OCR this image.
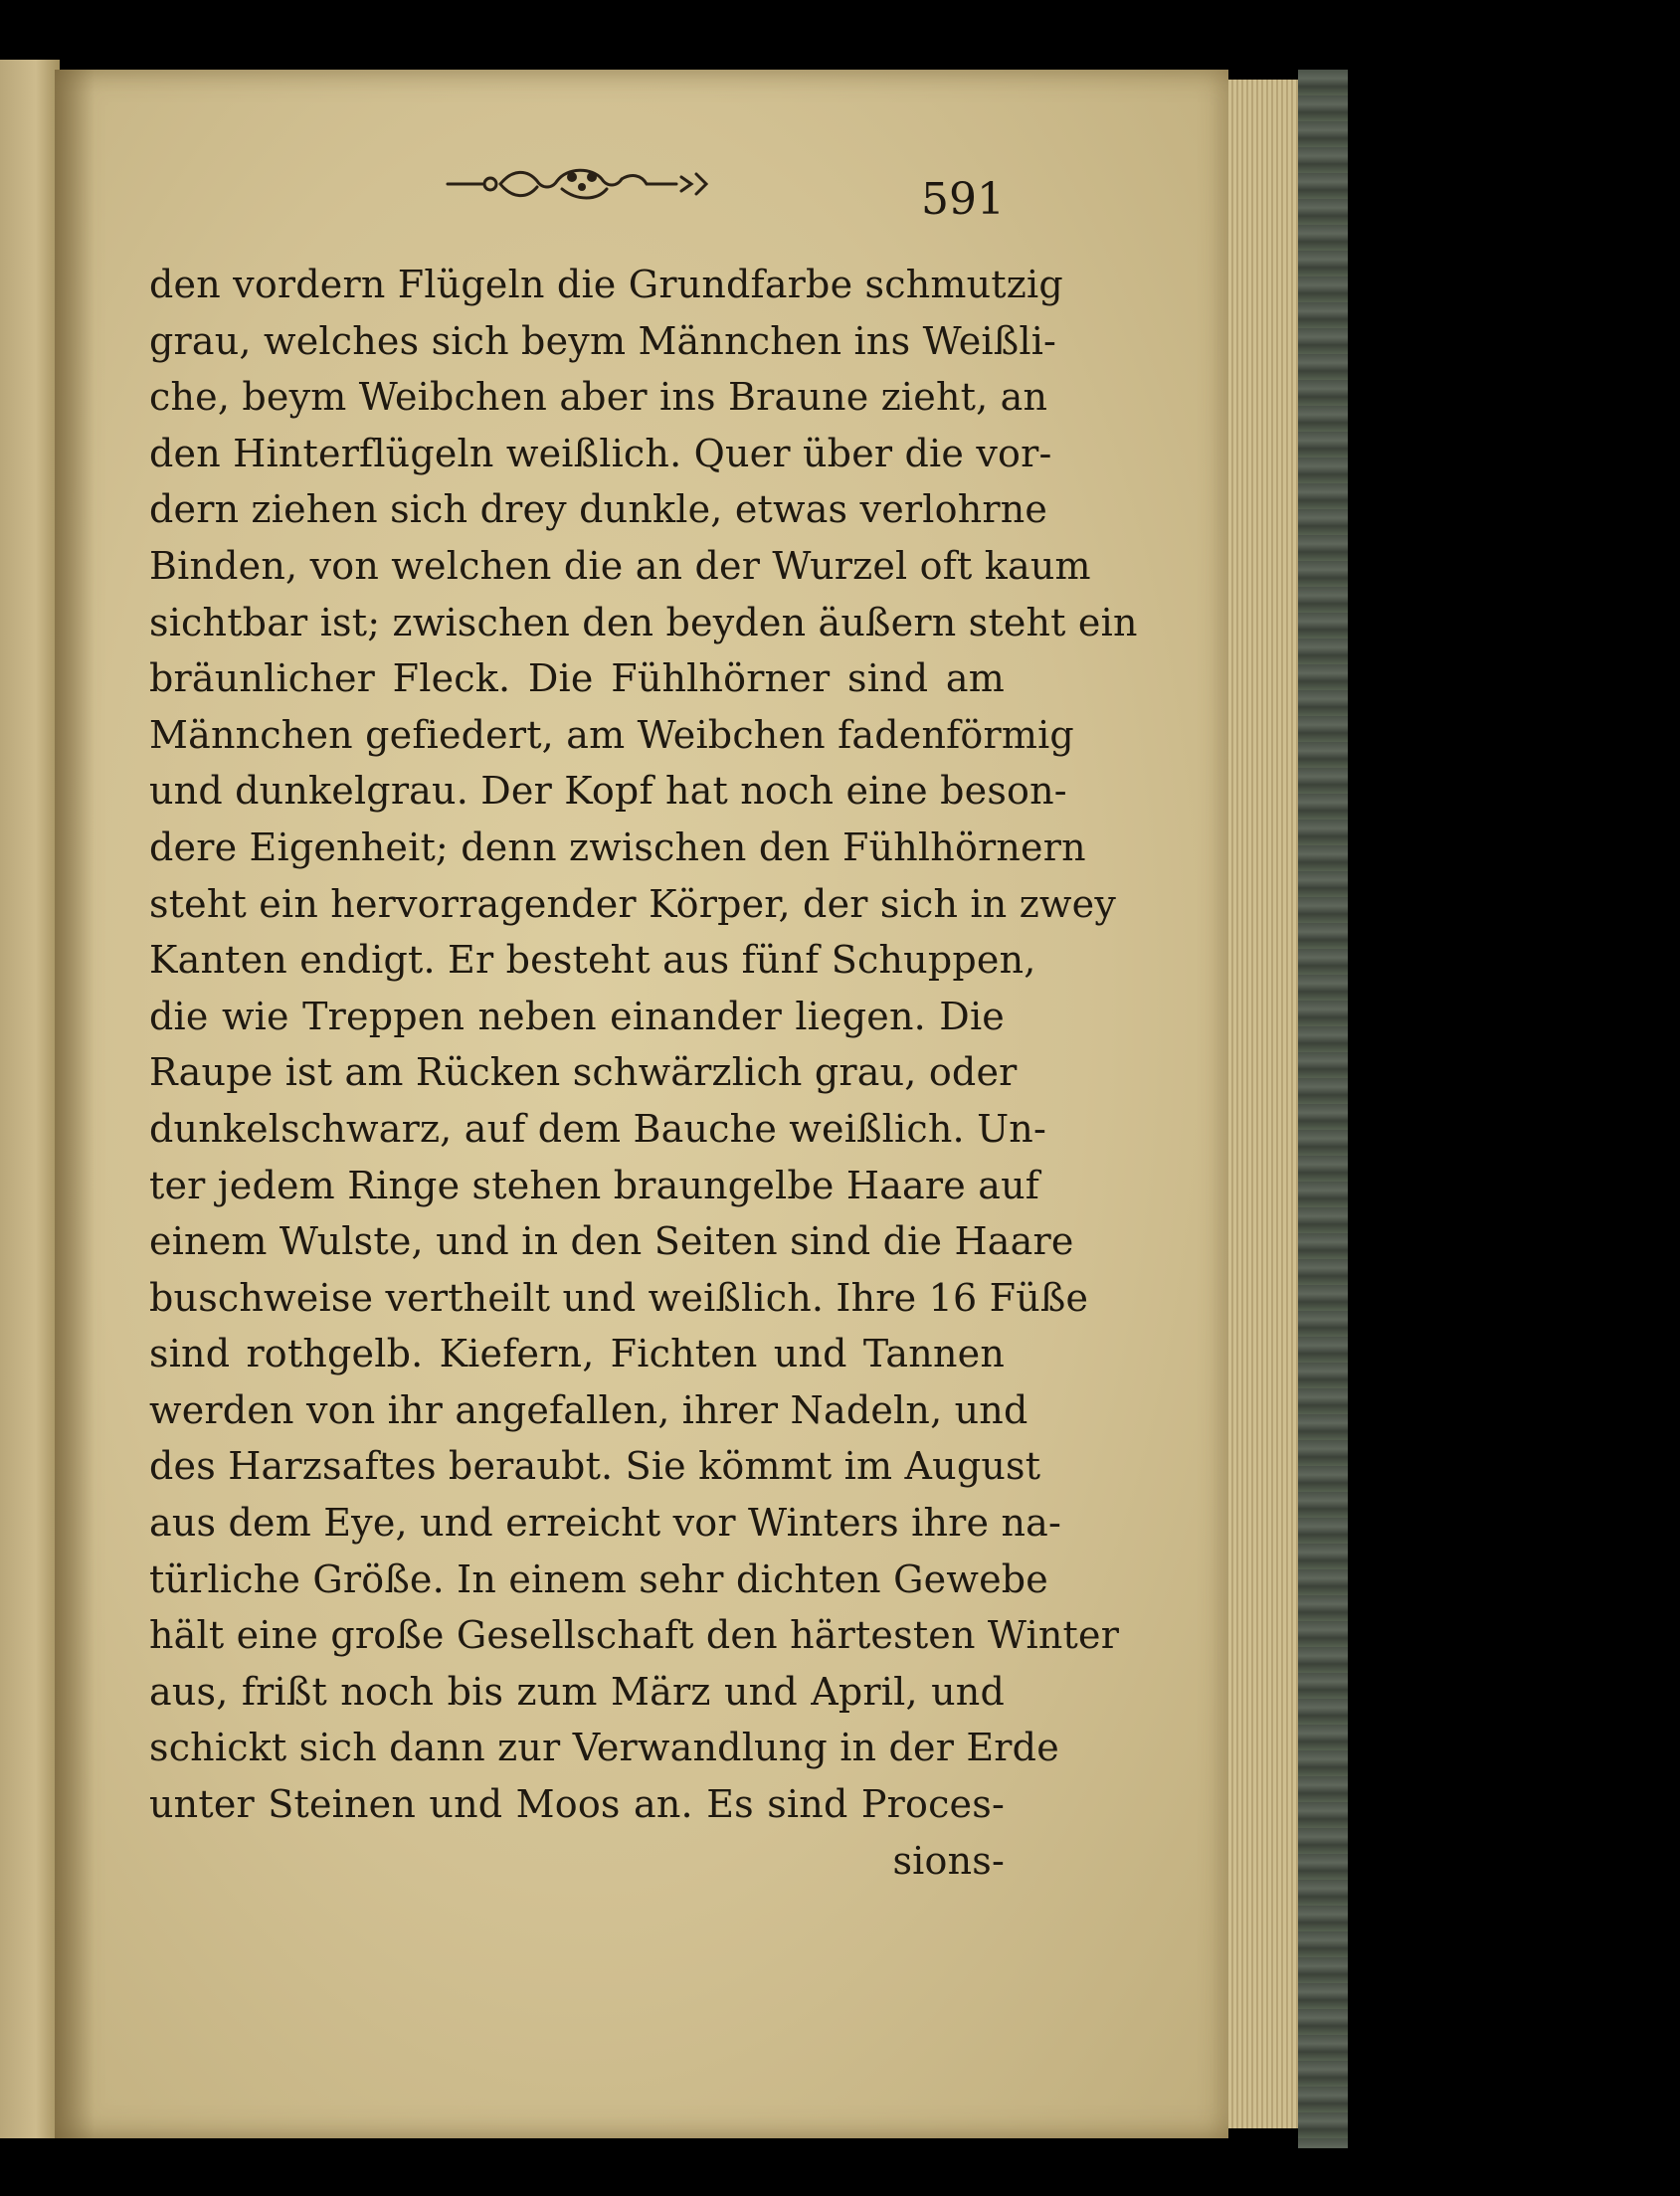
591
den vordern Flügeln die Grundfarbe schmutzig
grau, welches sich beym Männchen ins Weißli-
che, beym Weibchen aber ins Braune zieht, an
den Hinterflügeln weißlich. Quer über die vor-
dern ziehen sich drey dunkle, etwas verlohrne
Binden, von welchen die an der Wurzel oft kaum
sichtbar ist; zwischen den beyden äußern steht ein
bräunlicher Fleck. Die Fühlhörner sind am
Männchen gefiedert, am Weibchen fadenförmig
und dunkelgrau. Der Kopf hat noch eine beson-
dere Eigenheit; denn zwischen den Fühlhörnern
steht ein hervorragender Körper, der sich in zwey
Kanten endigt. Er besteht aus fünf Schuppen,
die wie Treppen neben einander liegen. Die
Raupe ist am Rücken schwärzlich grau, oder
dunkelschwarz, auf dem Bauche weißlich. Un-
ter jedem Ringe stehen braungelbe Haare auf
einem Wulste, und in den Seiten sind die Haare
buschweise vertheilt und weißlich. Ihre 16 Füße
sind rothgelb. Kiefern, Fichten und Tannen
werden von ihr angefallen, ihrer Nadeln, und
des Harzsaftes beraubt. Sie kömmt im August
aus dem Eye, und erreicht vor Winters ihre na-
türliche Größe. In einem sehr dichten Gewebe
hält eine große Gesellschaft den härtesten Winter
aus, frißt noch bis zum März und April, und
schickt sich dann zur Verwandlung in der Erde
unter Steinen und Moos an. Es sind Proces-
sions-
